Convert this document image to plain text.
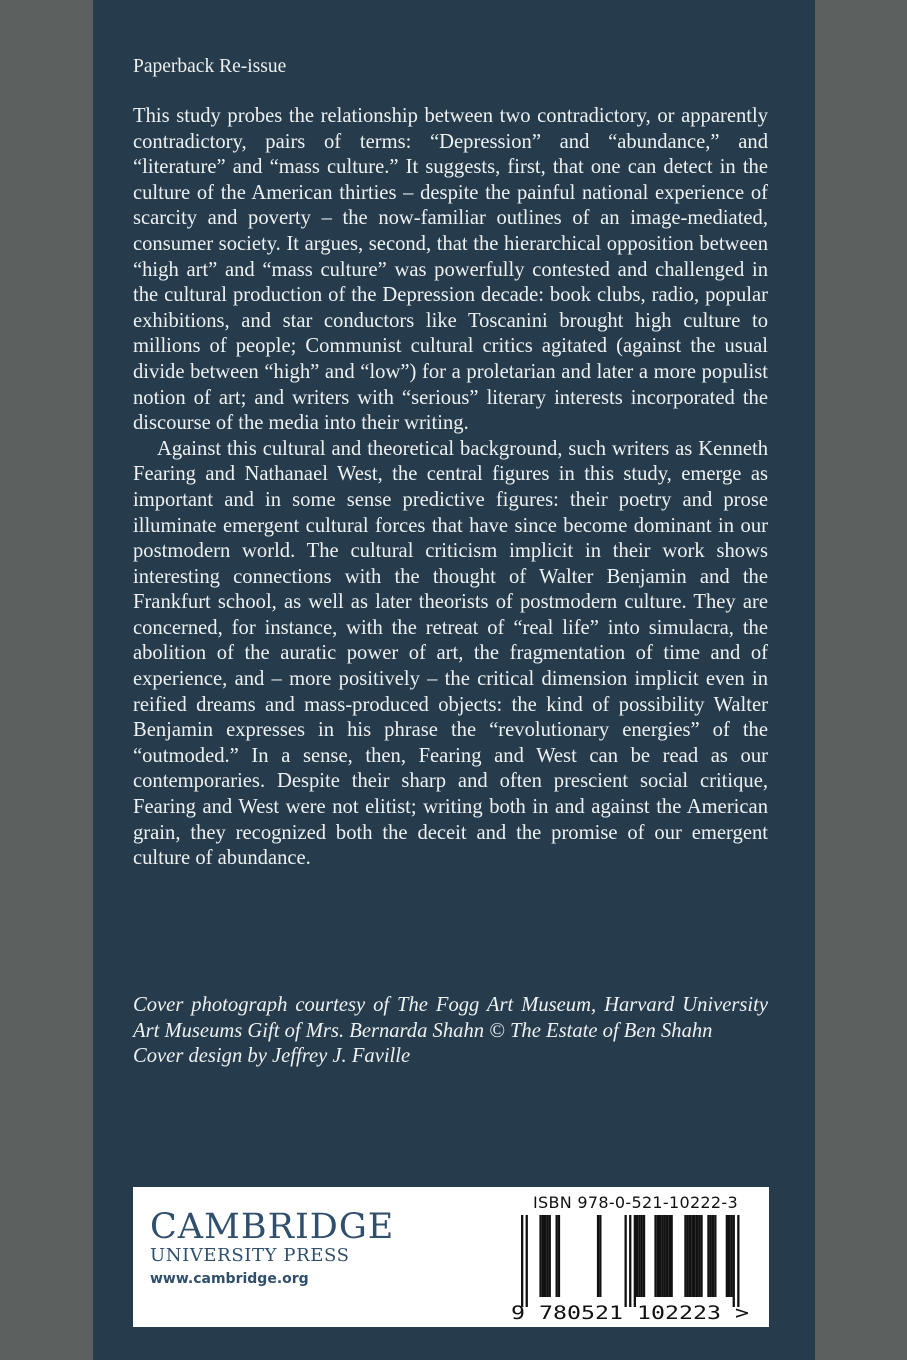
Paperback Re-issue

This study probes the relationship between two contradictory, or apparently contradictory, pairs of terms: “Depression” and “abundance,” and “literature” and “mass culture.” It suggests, first, that one can detect in the culture of the American thirties – despite the painful national experience of scarcity and poverty – the now-familiar outlines of an image-mediated, consumer society. It argues, second, that the hierarchical opposition between “high art” and “mass culture” was powerfully contested and challenged in the cultural production of the Depression decade: book clubs, radio, popular exhibitions, and star conductors like Toscanini brought high culture to millions of people; Communist cultural critics agitated (against the usual divide between “high” and “low”) for a proletarian and later a more populist notion of art; and writers with “serious” literary interests incorporated the discourse of the media into their writing.

Against this cultural and theoretical background, such writers as Kenneth Fearing and Nathanael West, the central figures in this study, emerge as important and in some sense predictive figures: their poetry and prose illuminate emergent cultural forces that have since become dominant in our postmodern world. The cultural criticism implicit in their work shows interesting connections with the thought of Walter Benjamin and the Frankfurt school, as well as later theorists of postmodern culture. They are concerned, for instance, with the retreat of “real life” into simulacra, the abolition of the auratic power of art, the fragmentation of time and of experience, and – more positively – the critical dimension implicit even in reified dreams and mass-produced objects: the kind of possibility Walter Benjamin expresses in his phrase the “revolutionary energies” of the “outmoded.” In a sense, then, Fearing and West can be read as our contemporaries. Despite their sharp and often prescient social critique, Fearing and West were not elitist; writing both in and against the American grain, they recognized both the deceit and the promise of our emergent culture of abundance.

Cover photograph courtesy of The Fogg Art Museum, Harvard University Art Museums Gift of Mrs. Bernarda Shahn © The Estate of Ben Shahn

Cover design by Jeffrey J. Faville

CAMBRIDGE
UNIVERSITY PRESS
www.cambridge.org
ISBN 978-0-521-10222-3
9 780521 102223 >
